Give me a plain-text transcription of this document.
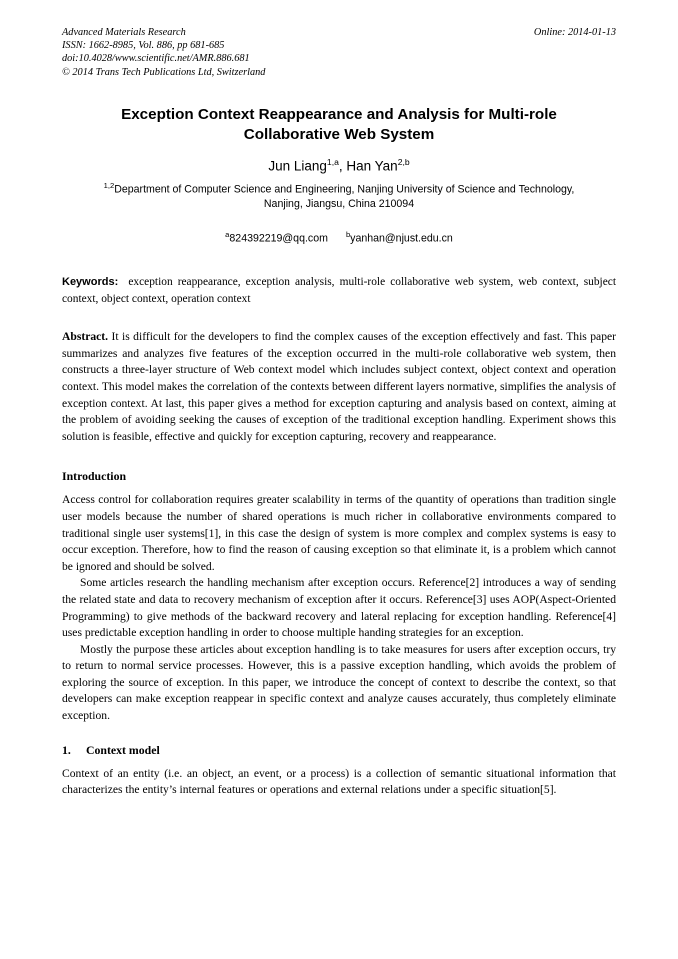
Advanced Materials Research
ISSN: 1662-8985, Vol. 886, pp 681-685
doi:10.4028/www.scientific.net/AMR.886.681
© 2014 Trans Tech Publications Ltd, Switzerland
Online: 2014-01-13
Exception Context Reappearance and Analysis for Multi-role Collaborative Web System
Jun Liang$^{1,a}$, Han Yan$^{2,b}$
$^{1,2}$Department of Computer Science and Engineering, Nanjing University of Science and Technology,
Nanjing, Jiangsu, China 210094
$^a$824392219@qq.com $^b$yanhan@njust.edu.cn
Keywords: exception reappearance, exception analysis, multi-role collaborative web system, web context, subject context, object context, operation context
Abstract. It is difficult for the developers to find the complex causes of the exception effectively and fast. This paper summarizes and analyzes five features of the exception occurred in the multi-role collaborative web system, then constructs a three-layer structure of Web context model which includes subject context, object context and operation context. This model makes the correlation of the contexts between different layers normative, simplifies the analysis of exception context. At last, this paper gives a method for exception capturing and analysis based on context, aiming at the problem of avoiding seeking the causes of exception of the traditional exception handling. Experiment shows this solution is feasible, effective and quickly for exception capturing, recovery and reappearance.
Introduction

Access control for collaboration requires greater scalability in terms of the quantity of operations than tradition single user models because the number of shared operations is much richer in collaborative environments compared to traditional single user systems[1], in this case the design of system is more complex and complex systems is easy to occur exception. Therefore, how to find the reason of causing exception so that eliminate it, is a problem which cannot be ignored and should be solved.

Some articles research the handling mechanism after exception occurs. Reference[2] introduces a way of sending the related state and data to recovery mechanism of exception after it occurs. Reference[3] uses AOP(Aspect-Oriented Programming) to give methods of the backward recovery and lateral replacing for exception handling. Reference[4] uses predictable exception handling in order to choose multiple handing strategies for an exception.

Mostly the purpose these articles about exception handling is to take measures for users after exception occurs, try to return to normal service processes. However, this is a passive exception handling, which avoids the problem of exploring the source of exception. In this paper, we introduce the concept of context to describe the context, so that developers can make exception reappear in specific context and analyze causes accurately, thus completely eliminate exception.

1. Context model

Context of an entity (i.e. an object, an event, or a process) is a collection of semantic situational information that characterizes the entity’s internal features or operations and external relations under a specific situation[5].
